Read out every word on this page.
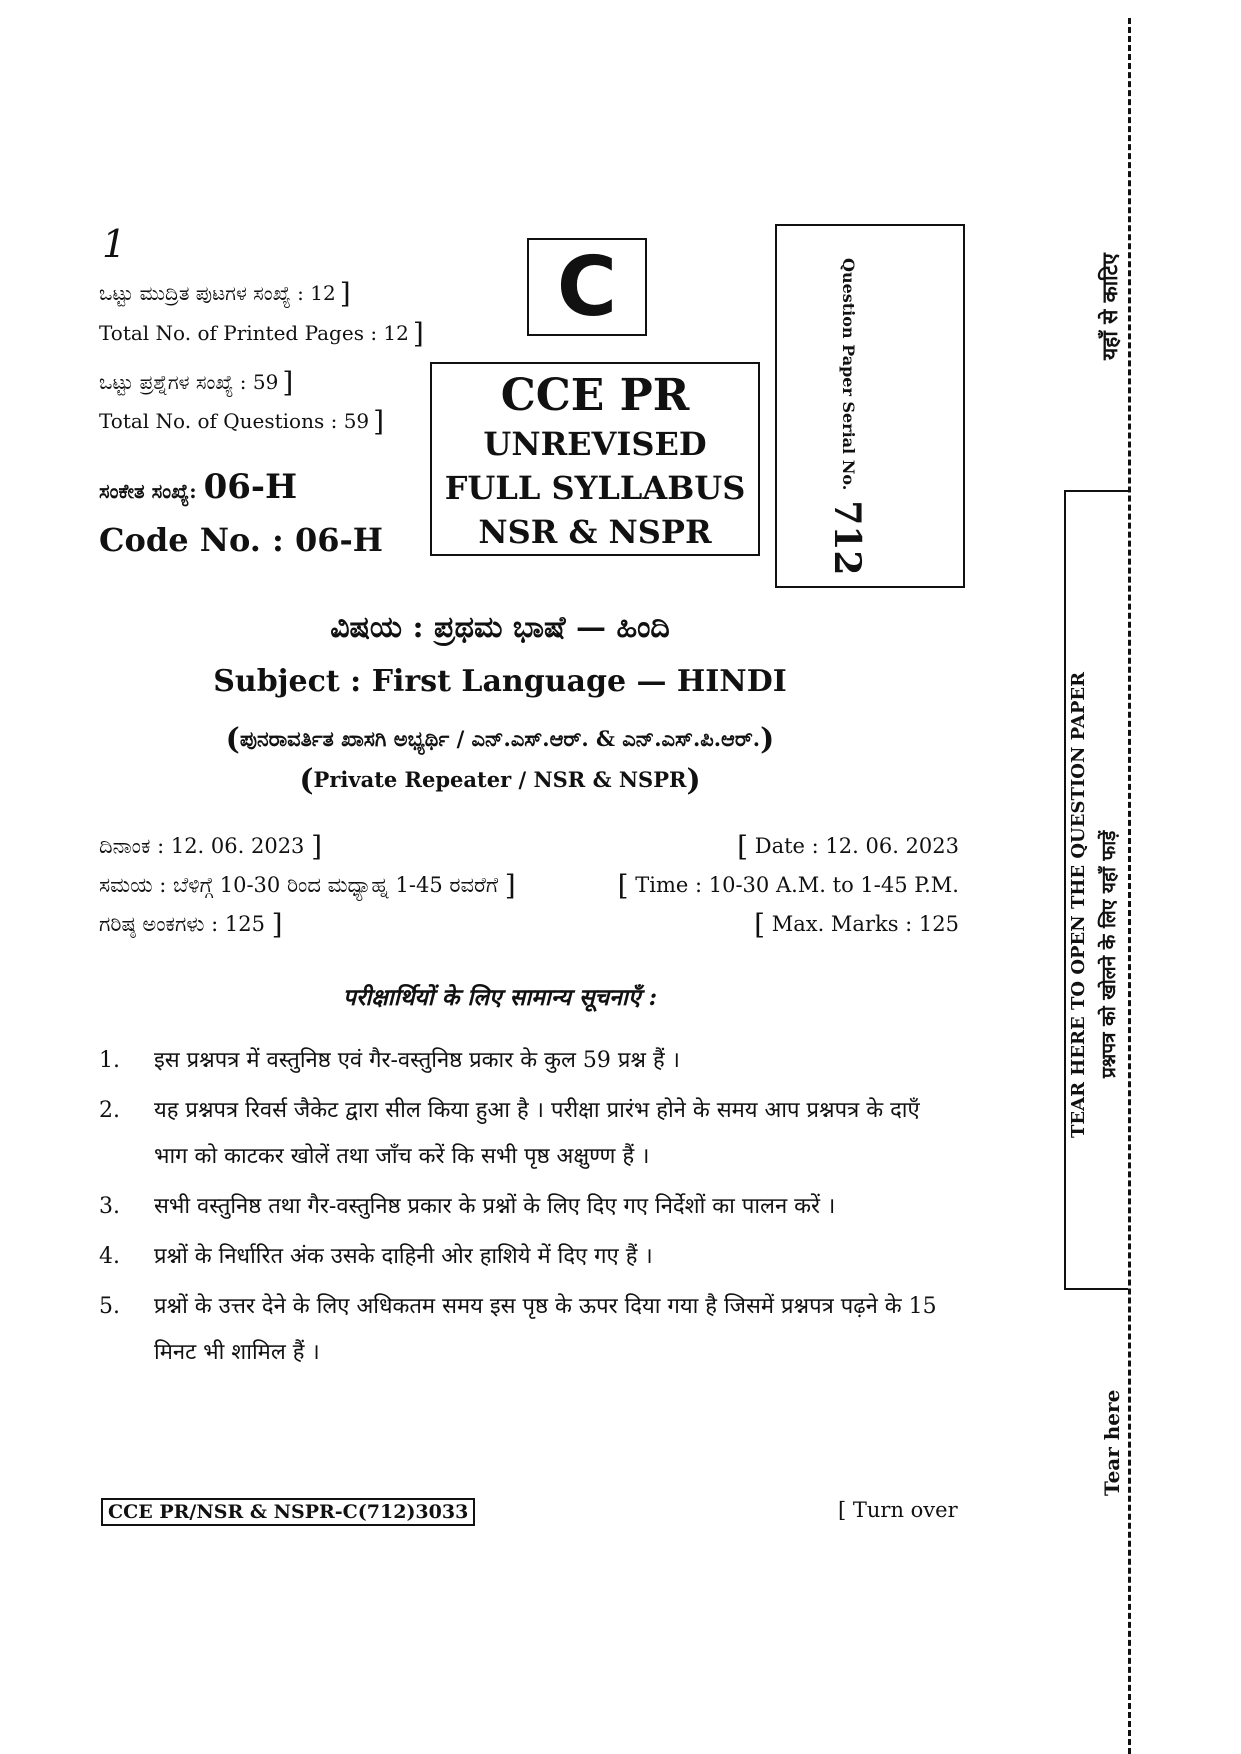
1
ಒಟ್ಟು ಮುದ್ರಿತ ಪುಟಗಳ ಸಂಖ್ಯೆ : 12 ]
Total No. of Printed Pages : 12 ]
ಒಟ್ಟು ಪ್ರಶ್ನೆಗಳ ಸಂಖ್ಯೆ : 59 ]
Total No. of Questions : 59 ]
ಸಂಕೇತ ಸಂಖ್ಯೆ: 06-H
Code No. : 06-H
C
CCE PR
UNREVISED
FULL SYLLABUS
NSR & NSPR
Question Paper Serial No.712
ವಿಷಯ : ಪ್ರಥಮ ಭಾಷೆ — ಹಿಂದಿ
Subject : First Language — HINDI
(ಪುನರಾವರ್ತಿತ ಖಾಸಗಿ ಅಭ್ಯರ್ಥಿ / ಎನ್.ಎಸ್.ಆರ್. & ಎನ್.ಎಸ್.ಪಿ.ಆರ್.)
(Private Repeater / NSR & NSPR)
ದಿನಾಂಕ : 12. 06. 2023 ]	[ Date : 12. 06. 2023
ಸಮಯ : ಬೆಳಿಗ್ಗೆ 10-30 ರಿಂದ ಮಧ್ಯಾಹ್ನ 1-45 ರವರೆಗೆ ]	[ Time : 10-30 A.M. to 1-45 P.M.
ಗರಿಷ್ಠ ಅಂಕಗಳು : 125 ]	[ Max. Marks : 125
परीक्षार्थियों के लिए सामान्य सूचनाएँ :
1.	इस प्रश्नपत्र में वस्तुनिष्ठ एवं गैर-वस्तुनिष्ठ प्रकार के कुल 59 प्रश्न हैं ।
2.	यह प्रश्नपत्र रिवर्स जैकेट द्वारा सील किया हुआ है । परीक्षा प्रारंभ होने के समय आप प्रश्नपत्र के दाएँ भाग को काटकर खोलें तथा जाँच करें कि सभी पृष्ठ अक्षुण्ण हैं ।
3.	सभी वस्तुनिष्ठ तथा गैर-वस्तुनिष्ठ प्रकार के प्रश्नों के लिए दिए गए निर्देशों का पालन करें ।
4.	प्रश्नों के निर्धारित अंक उसके दाहिनी ओर हाशिये में दिए गए हैं ।
5.	प्रश्नों के उत्तर देने के लिए अधिकतम समय इस पृष्ठ के ऊपर दिया गया है जिसमें प्रश्नपत्र पढ़ने के 15 मिनट भी शामिल हैं ।
CCE PR/NSR & NSPR-C(712)3033	[ Turn over
TEAR HERE TO OPEN THE QUESTION PAPER प्रश्नपत्र को खोलने के लिए यहाँ फाड़ें
यहाँ से काटिए
Tear here
